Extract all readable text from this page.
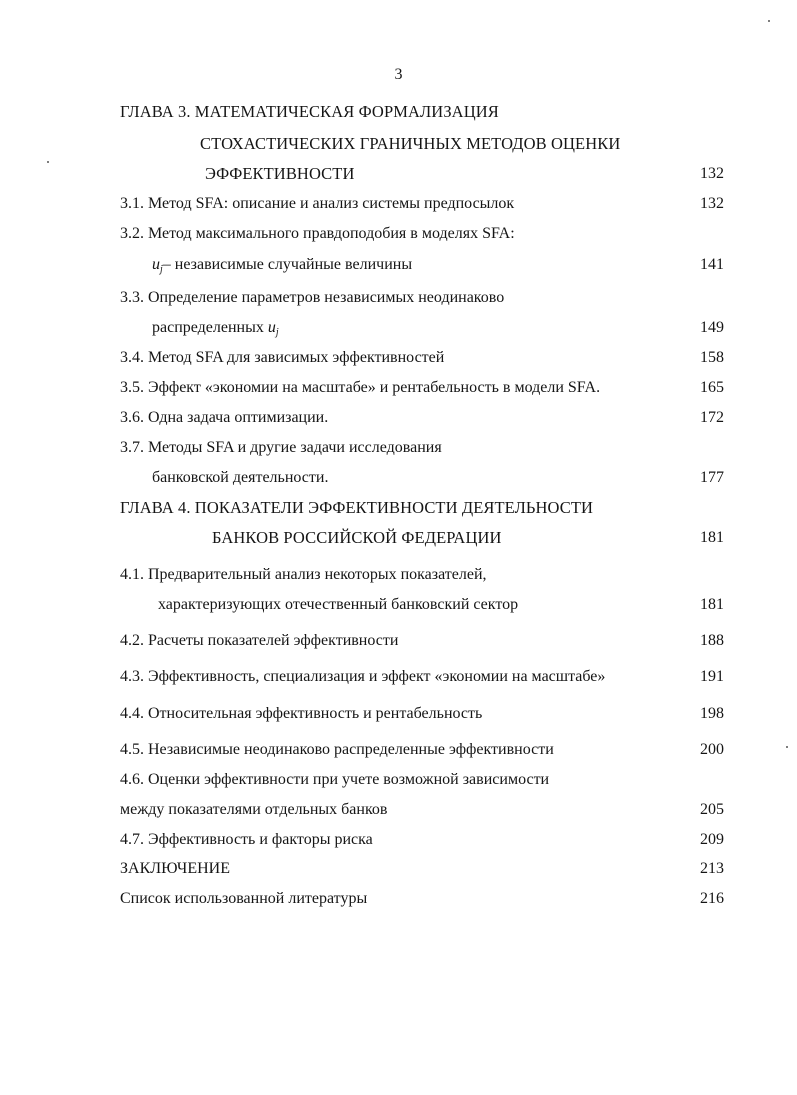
3
ГЛАВА 3. МАТЕМАТИЧЕСКАЯ ФОРМАЛИЗАЦИЯ
СТОХАСТИЧЕСКИХ ГРАНИЧНЫХ МЕТОДОВ ОЦЕНКИ
ЭФФЕКТИВНОСТИ	132
3.1. Метод SFA: описание и анализ системы предпосылок	132
3.2. Метод максимального правдоподобия в моделях SFA:
$u_j-$ независимые случайные величины	141
3.3. Определение параметров независимых неодинаково
распределенных $u_j$	149
3.4. Метод SFA для зависимых эффективностей	158
3.5. Эффект «экономии на масштабе» и рентабельность в модели SFA.	165
3.6. Одна задача оптимизации.	172
3.7. Методы SFA и другие задачи исследования
банковской деятельности.	177
ГЛАВА 4. ПОКАЗАТЕЛИ ЭФФЕКТИВНОСТИ ДЕЯТЕЛЬНОСТИ
БАНКОВ РОССИЙСКОЙ ФЕДЕРАЦИИ	181
4.1. Предварительный анализ некоторых показателей,
характеризующих отечественный банковский сектор	181
4.2. Расчеты показателей эффективности	188
4.3. Эффективность, специализация и эффект «экономии на масштабе»	191
4.4. Относительная эффективность и рентабельность	198
4.5. Независимые неодинаково распределенные эффективности	200
4.6. Оценки эффективности при учете возможной зависимости
между показателями отдельных банков	205
4.7. Эффективность и факторы риска	209
ЗАКЛЮЧЕНИЕ	213
Список использованной литературы	216
